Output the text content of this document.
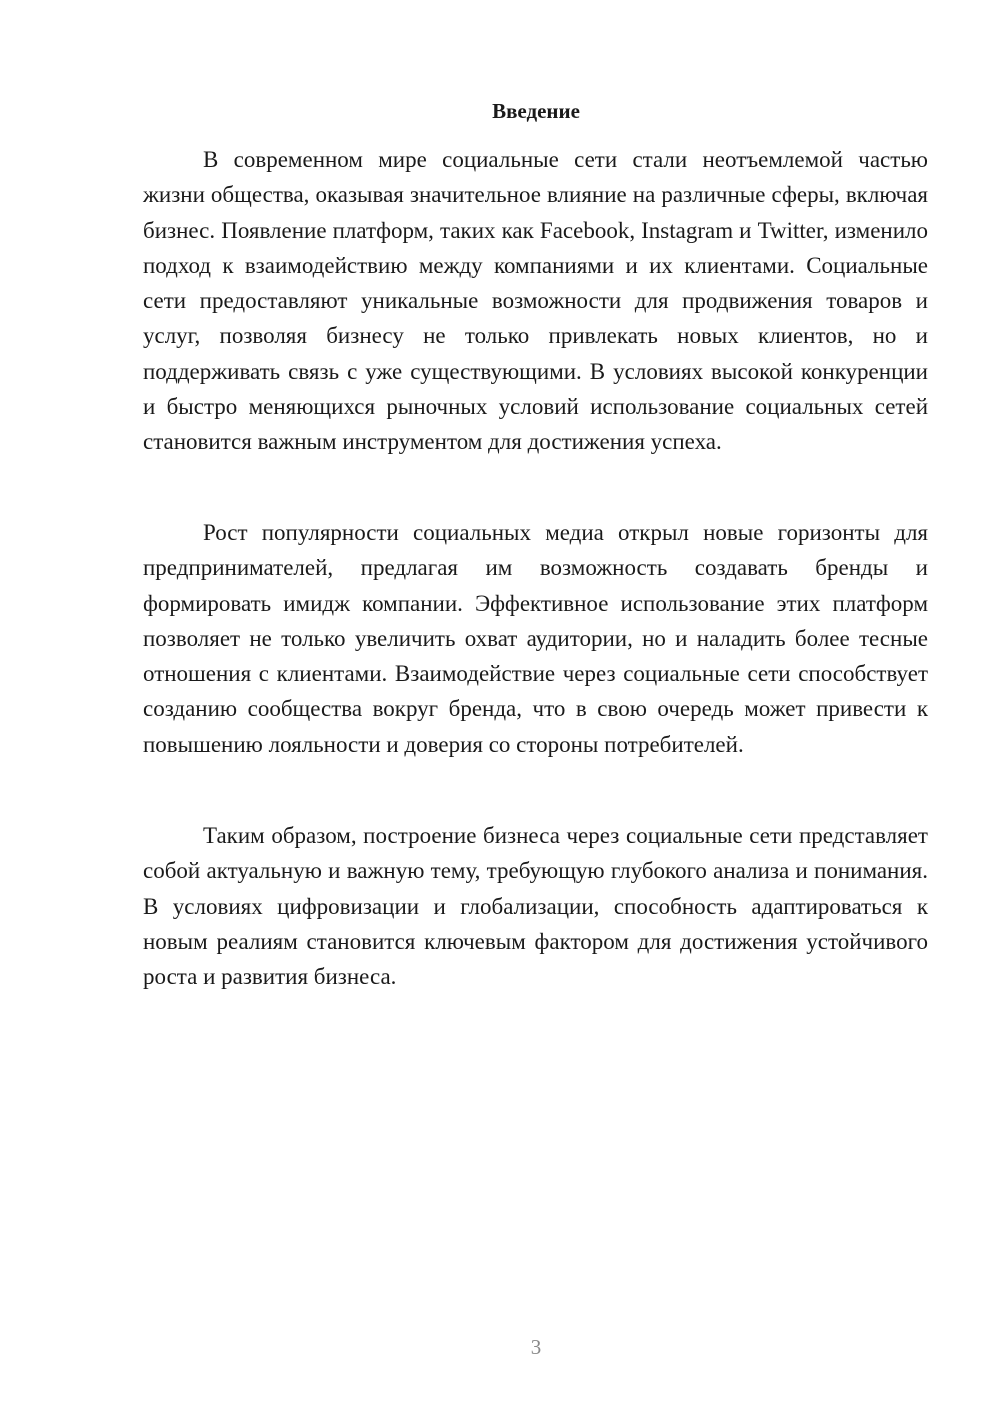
Введение

В современном мире социальные сети стали неотъемлемой частью жизни общества, оказывая значительное влияние на различные сферы, включая бизнес. Появление платформ, таких как Facebook, Instagram и Twitter, изменило подход к взаимодействию между компаниями и их клиентами. Социальные сети предоставляют уникальные возможности для продвижения товаров и услуг, позволяя бизнесу не только привлекать новых клиентов, но и поддерживать связь с уже существующими. В условиях высокой конкуренции и быстро меняющихся рыночных условий использование социальных сетей становится важным инструментом для достижения успеха.

Рост популярности социальных медиа открыл новые горизонты для предпринимателей, предлагая им возможность создавать бренды и формировать имидж компании. Эффективное использование этих платформ позволяет не только увеличить охват аудитории, но и наладить более тесные отношения с клиентами. Взаимодействие через социальные сети способствует созданию сообщества вокруг бренда, что в свою очередь может привести к повышению лояльности и доверия со стороны потребителей.

Таким образом, построение бизнеса через социальные сети представляет собой актуальную и важную тему, требующую глубокого анализа и понимания. В условиях цифровизации и глобализации, способность адаптироваться к новым реалиям становится ключевым фактором для достижения устойчивого роста и развития бизнеса.

3
